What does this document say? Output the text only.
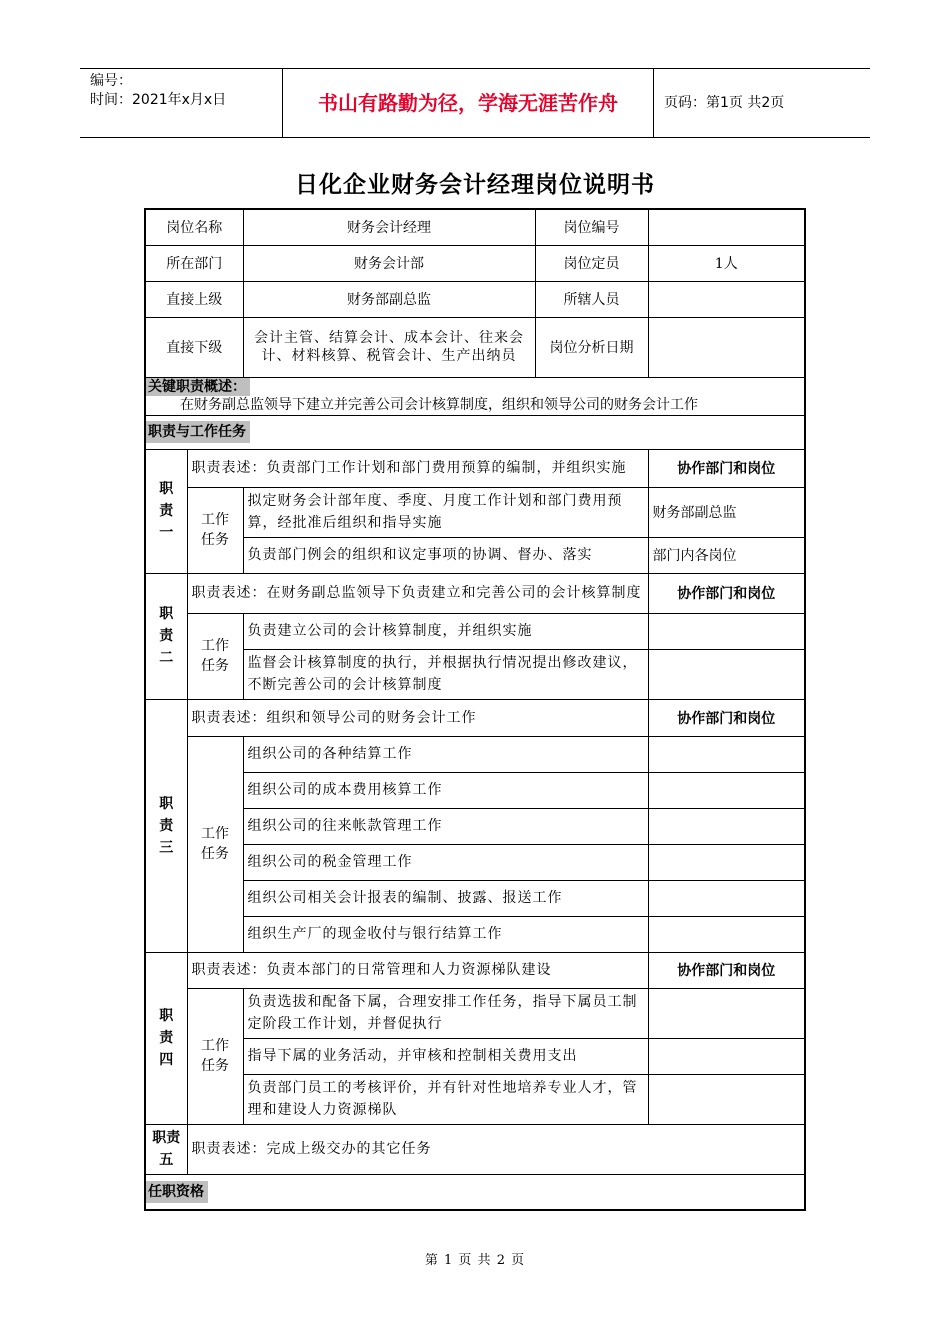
编号：
时间：2021年x月x日	书山有路勤为径，学海无涯苦作舟	页码：第1页 共2页
日化企业财务会计经理岗位说明书
岗位名称		财务会计经理	岗位编号	
所在部门		财务会计部	岗位定员	1人
直接上级		财务部副总监	所辖人员	
直接下级		会计主管、结算会计、成本会计、往来会计、材料核算、税管会计、生产出纳员	岗位分析日期	
关键职责概述：
在财务副总监领导下建立并完善公司会计核算制度，组织和领导公司的财务会计工作				

职责与工作任务				

职
责
一	职责表述：负责部门工作计划和部门费用预算的编制，并组织实施			协作部门和岗位

	工作
任务	拟定财务会计部年度、季度、月度工作计划和部门费用预算，经批准后组织和指导实施		财务部副总监
		负责部门例会的组织和议定事项的协调、督办、落实		部门内各岗位

职
责
二	职责表述：在财务副总监领导下负责建立和完善公司的会计核算制度			协作部门和岗位

	工作
任务	负责建立公司的会计核算制度，并组织实施		
		监督会计核算制度的执行，并根据执行情况提出修改建议，不断完善公司的会计核算制度		

职
责
三	职责表述：组织和领导公司的财务会计工作			协作部门和岗位

	工作
任务	组织公司的各种结算工作		
		组织公司的成本费用核算工作		
		组织公司的往来帐款管理工作		
		组织公司的税金管理工作		
		组织公司相关会计报表的编制、披露、报送工作		
		组织生产厂的现金收付与银行结算工作		

职
责
四	职责表述：负责本部门的日常管理和人力资源梯队建设			协作部门和岗位

	工作
任务	负责选拔和配备下属，合理安排工作任务，指导下属员工制定阶段工作计划，并督促执行		
		指导下属的业务活动，并审核和控制相关费用支出		
		负责部门员工的考核评价，并有针对性地培养专业人才，管理和建设人力资源梯队		

职责
五	职责表述：完成上级交办的其它任务			
任职资格				
第 1 页 共 2 页
